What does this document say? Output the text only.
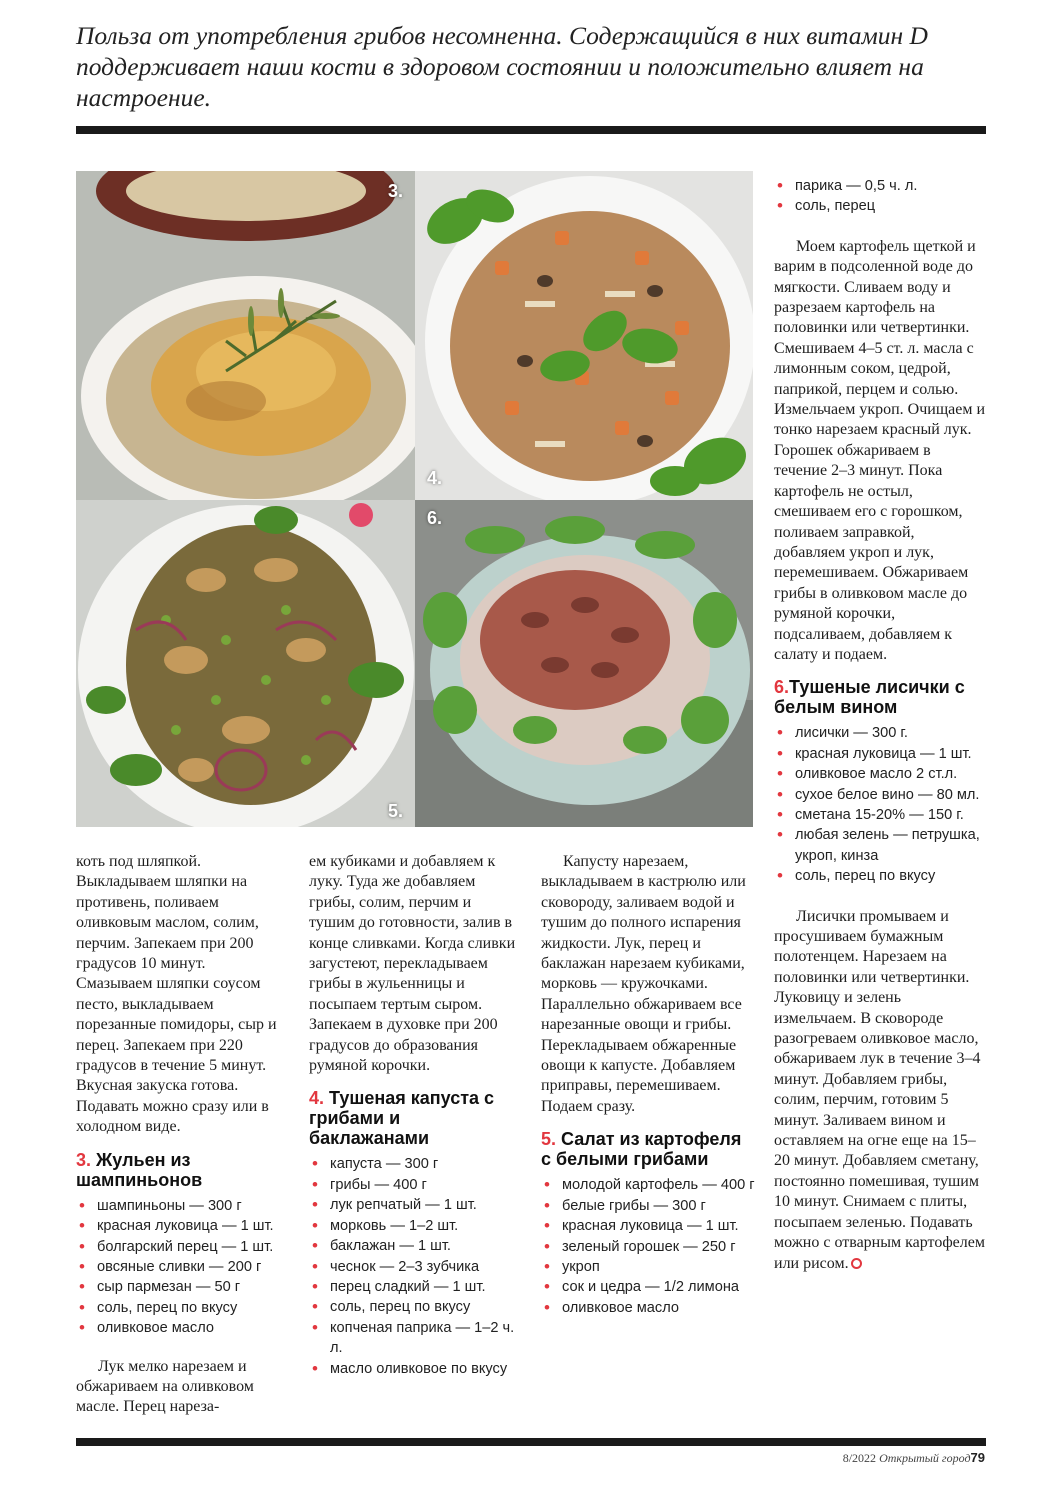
Польза от употребления грибов несомненна. Содержащийся в них витамин D поддерживает наши кости в здоровом состоянии и положительно влияет на настроение.
3.
4.
5.
6.

коть под шляпкой. Выкладываем шляпки на противень, поливаем оливковым маслом, солим, перчим. Запекаем при 200 градусов 10 минут. Смазываем шляпки соусом песто, выкладываем порезанные помидоры, сыр и перец. Запекаем при 220 градусов в течение 5 минут. Вкусная закуска готова. Подавать можно сразу или в холодном виде.

3. Жульен из шампиньонов
• шампиньоны — 300 г
• красная луковица — 1 шт.
• болгарский перец — 1 шт.
• овсяные сливки — 200 г
• сыр пармезан — 50 г
• соль, перец по вкусу
• оливковое масло

Лук мелко нарезаем и обжариваем на оливковом масле. Перец нареза-

ем кубиками и добавляем к луку. Туда же добавляем грибы, солим, перчим и тушим до готовности, залив в конце сливками. Когда сливки загустеют, перекладываем грибы в жульенницы и посыпаем тертым сыром. Запекаем в духовке при 200 градусов до образования румяной корочки.

4. Тушеная капуста с грибами и баклажанами
• капуста — 300 г
• грибы — 400 г
• лук репчатый — 1 шт.
• морковь — 1–2 шт.
• баклажан — 1 шт.
• чеснок — 2–3 зубчика
• перец сладкий — 1 шт.
• соль, перец по вкусу
• копченая паприка — 1–2 ч. л.
• масло оливковое по вкусу

Капусту нарезаем, выкладываем в кастрюлю или сковороду, заливаем водой и тушим до полного испарения жидкости. Лук, перец и баклажан нарезаем кубиками, морковь — кружочками. Параллельно обжариваем все нарезанные овощи и грибы. Перекладываем обжаренные овощи к капусте. Добавляем приправы, перемешиваем. Подаем сразу.

5. Салат из картофеля с белыми грибами
• молодой картофель — 400 г
• белые грибы — 300 г
• красная луковица — 1 шт.
• зеленый горошек — 250 г
• укроп
• сок и цедра — 1/2 лимона
• оливковое масло
• парика — 0,5 ч. л.
• соль, перец

Моем картофель щеткой и варим в подсоленной воде до мягкости. Сливаем воду и разрезаем картофель на половинки или четвертинки. Смешиваем 4–5 ст. л. масла с лимонным соком, цедрой, паприкой, перцем и солью. Измельчаем укроп. Очищаем и тонко нарезаем красный лук. Горошек обжариваем в течение 2–3 минут. Пока картофель не остыл, смешиваем его с горошком, поливаем заправкой, добавляем укроп и лук, перемешиваем. Обжариваем грибы в оливковом масле до румяной корочки, подсаливаем, добавляем к салату и подаем.

6.Тушеные лисички с белым вином
• лисички — 300 г.
• красная луковица — 1 шт.
• оливковое масло 2 ст.л.
• сухое белое вино — 80 мл.
• сметана 15-20% — 150 г.
• любая зелень — петрушка, укроп, кинза
• соль, перец по вкусу

Лисички промываем и просушиваем бумажным полотенцем. Нарезаем на половинки или четвертинки. Луковицу и зелень измельчаем. В сковороде разогреваем оливковое масло, обжариваем лук в течение 3–4 минут. Добавляем грибы, солим, перчим, готовим 5 минут. Заливаем вином и оставляем на огне еще на 15–20 минут. Добавляем сметану, постоянно помешивая, тушим 10 минут. Снимаем с плиты, посыпаем зеленью. Подавать можно с отварным картофелем или рисом.

8/2022 Открытый город79
